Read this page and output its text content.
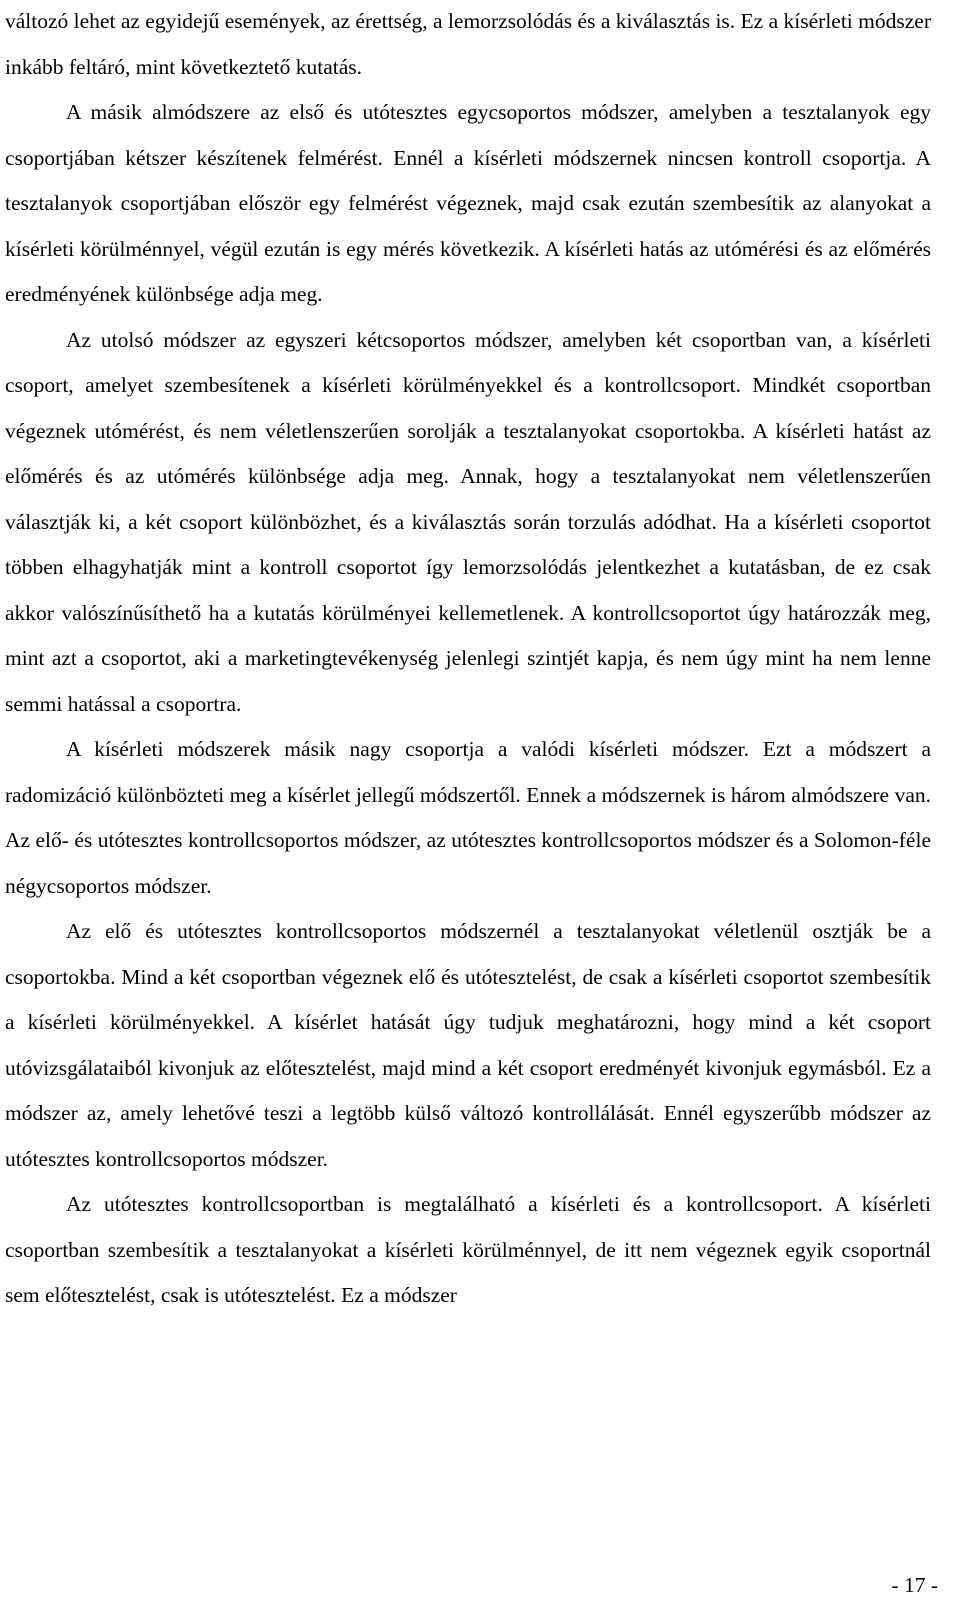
változó lehet az egyidejű események, az érettség, a lemorzsolódás és a kiválasztás is. Ez a kísérleti módszer inkább feltáró, mint következtető kutatás.

A másik almódszere az első és utótesztes egycsoportos módszer, amelyben a tesztalanyok egy csoportjában kétszer készítenek felmérést. Ennél a kísérleti módszernek nincsen kontroll csoportja. A tesztalanyok csoportjában először egy felmérést végeznek, majd csak ezután szembesítik az alanyokat a kísérleti körülménnyel, végül ezután is egy mérés következik. A kísérleti hatás az utómérési és az előmérés eredményének különbsége adja meg.

Az utolsó módszer az egyszeri kétcsoportos módszer, amelyben két csoportban van, a kísérleti csoport, amelyet szembesítenek a kísérleti körülményekkel és a kontrollcsoport. Mindkét csoportban végeznek utómérést, és nem véletlenszerűen sorolják a tesztalanyokat csoportokba. A kísérleti hatást az előmérés és az utómérés különbsége adja meg. Annak, hogy a tesztalanyokat nem véletlenszerűen választják ki, a két csoport különbözhet, és a kiválasztás során torzulás adódhat. Ha a kísérleti csoportot többen elhagyhatják mint a kontroll csoportot így lemorzsolódás jelentkezhet a kutatásban, de ez csak akkor valószínűsíthető ha a kutatás körülményei kellemetlenek. A kontrollcsoportot úgy határozzák meg, mint azt a csoportot, aki a marketingtevékenység jelenlegi szintjét kapja, és nem úgy mint ha nem lenne semmi hatással a csoportra.

A kísérleti módszerek másik nagy csoportja a valódi kísérleti módszer. Ezt a módszert a radomizáció különbözteti meg a kísérlet jellegű módszertől. Ennek a módszernek is három almódszere van. Az elő- és utótesztes kontrollcsoportos módszer, az utótesztes kontrollcsoportos módszer és a Solomon-féle négycsoportos módszer.

Az elő és utótesztes kontrollcsoportos módszernél a tesztalanyokat véletlenül osztják be a csoportokba. Mind a két csoportban végeznek elő és utótesztelést, de csak a kísérleti csoportot szembesítik a kísérleti körülményekkel. A kísérlet hatását úgy tudjuk meghatározni, hogy mind a két csoport utóvizsgálataiból kivonjuk az előtesztelést, majd mind a két csoport eredményét kivonjuk egymásból. Ez a módszer az, amely lehetővé teszi a legtöbb külső változó kontrollálását. Ennél egyszerűbb módszer az utótesztes kontrollcsoportos módszer.

Az utótesztes kontrollcsoportban is megtalálható a kísérleti és a kontrollcsoport. A kísérleti csoportban szembesítik a tesztalanyokat a kísérleti körülménnyel, de itt nem végeznek egyik csoportnál sem előtesztelést, csak is utótesztelést. Ez a módszer

- 17 -
